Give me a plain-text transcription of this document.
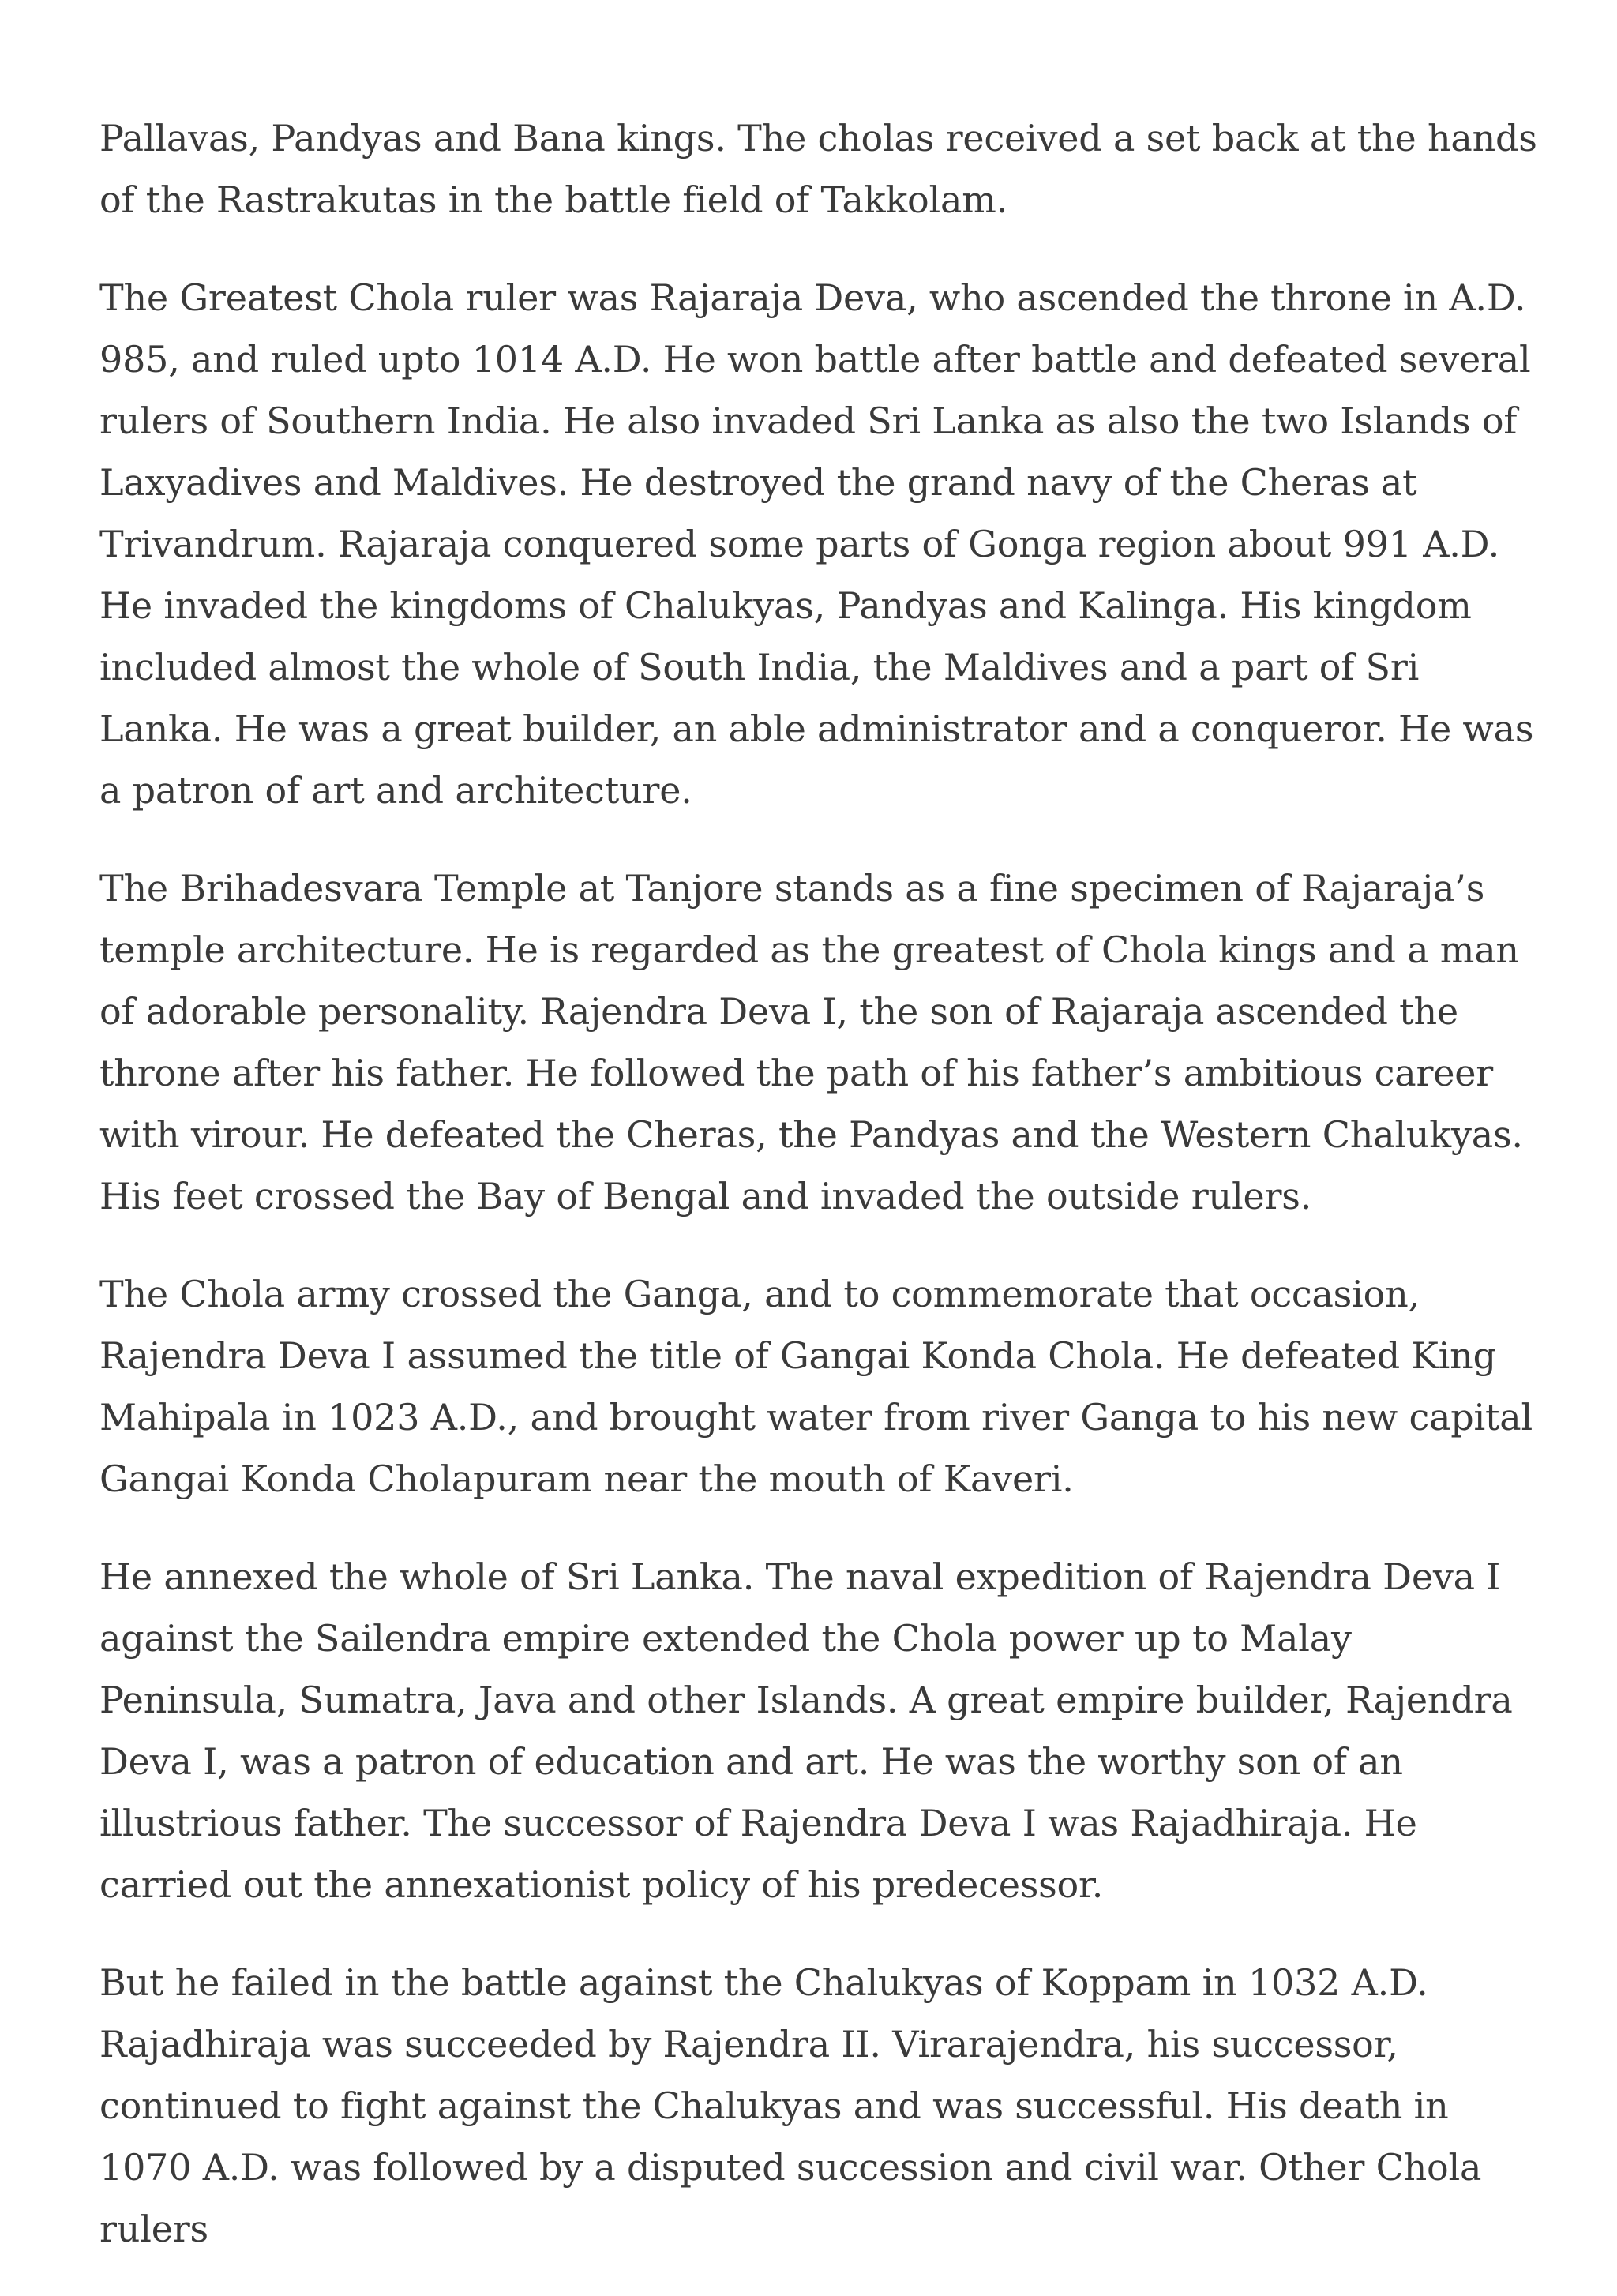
Pallavas, Pandyas and Bana kings. The cholas received a set back at the hands of the Rastrakutas in the battle field of Takkolam.

The Greatest Chola ruler was Rajaraja Deva, who ascended the throne in A.D. 985, and ruled upto 1014 A.D. He won battle after battle and defeated several rulers of Southern India. He also invaded Sri Lanka as also the two Islands of Laxyadives and Maldives. He destroyed the grand navy of the Cheras at Trivandrum. Rajaraja conquered some parts of Gonga region about 991 A.D. He invaded the kingdoms of Chalukyas, Pandyas and Kalinga. His kingdom included almost the whole of South India, the Maldives and a part of Sri Lanka. He was a great builder, an able administrator and a conqueror. He was a patron of art and architecture.

The Brihadesvara Temple at Tanjore stands as a fine specimen of Rajaraja’s temple architecture. He is regarded as the greatest of Chola kings and a man of adorable personality. Rajendra Deva I, the son of Rajaraja ascended the throne after his father. He followed the path of his father’s ambitious career with virour. He defeated the Cheras, the Pandyas and the Western Chalukyas. His feet crossed the Bay of Bengal and invaded the outside rulers.

The Chola army crossed the Ganga, and to commemorate that occasion, Rajendra Deva I assumed the title of Gangai Konda Chola. He defeated King Mahipala in 1023 A.D., and brought water from river Ganga to his new capital Gangai Konda Cholapuram near the mouth of Kaveri.

He annexed the whole of Sri Lanka. The naval expedition of Rajendra Deva I against the Sailendra empire extended the Chola power up to Malay Peninsula, Sumatra, Java and other Islands. A great empire builder, Rajendra Deva I, was a patron of education and art. He was the worthy son of an illustrious father. The successor of Rajendra Deva I was Rajadhiraja. He carried out the annexationist policy of his predecessor.

But he failed in the battle against the Chalukyas of Koppam in 1032 A.D. Rajadhiraja was succeeded by Rajendra II. Virarajendra, his successor, continued to fight against the Chalukyas and was successful. His death in 1070 A.D. was followed by a disputed succession and civil war. Other Chola rulers
